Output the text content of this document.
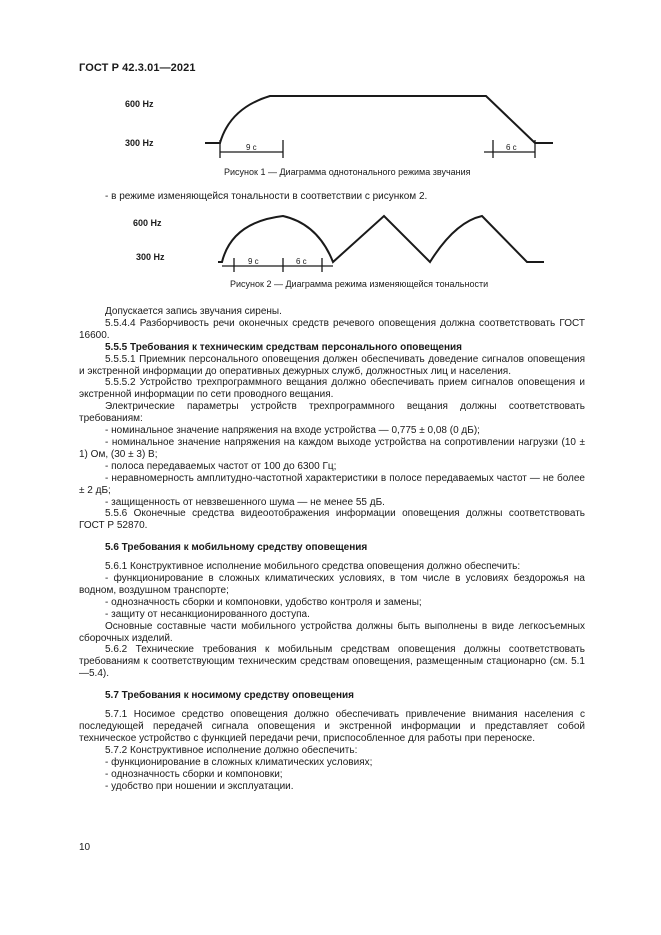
ГОСТ Р 42.3.01—2021
600 Hz
300 Hz	9 с	6 с
Рисунок 1 — Диаграмма однотонального режима звучания

- в режиме изменяющейся тональности в соответствии с рисунком 2.

600 Hz
300 Hz	9 с	6 с
Рисунок 2 — Диаграмма режима изменяющейся тональности

Допускается запись звучания сирены.

5.5.4.4 Разборчивость речи оконечных средств речевого оповещения должна соответствовать ГОСТ 16600.

5.5.5 Требования к техническим средствам персонального оповещения

5.5.5.1 Приемник персонального оповещения должен обеспечивать доведение сигналов оповещения и экстренной информации до оперативных дежурных служб, должностных лиц и населения.

5.5.5.2 Устройство трехпрограммного вещания должно обеспечивать прием сигналов оповещения и экстренной информации по сети проводного вещания.

Электрические параметры устройств трехпрограммного вещания должны соответствовать требованиям:

- номинальное значение напряжения на входе устройства — 0,775 ± 0,08 (0 дБ);

- номинальное значение напряжения на каждом выходе устройства на сопротивлении нагрузки (10 ± 1) Ом, (30 ± 3) В;

- полоса передаваемых частот от 100 до 6300 Гц;

- неравномерность амплитудно-частотной характеристики в полосе передаваемых частот — не более ± 2 дБ;

- защищенность от невзвешенного шума — не менее 55 дБ.

5.5.6 Оконечные средства видеоотображения информации оповещения должны соответствовать ГОСТ Р 52870.

5.6 Требования к мобильному средству оповещения

5.6.1 Конструктивное исполнение мобильного средства оповещения должно обеспечить:

- функционирование в сложных климатических условиях, в том числе в условиях бездорожья на водном, воздушном транспорте;

- однозначность сборки и компоновки, удобство контроля и замены;

- защиту от несанкционированного доступа.

Основные составные части мобильного устройства должны быть выполнены в виде легкосъемных сборочных изделий.

5.6.2 Технические требования к мобильным средствам оповещения должны соответствовать требованиям к соответствующим техническим средствам оповещения, размещенным стационарно (см. 5.1—5.4).

5.7 Требования к носимому средству оповещения

5.7.1 Носимое средство оповещения должно обеспечивать привлечение внимания населения с последующей передачей сигнала оповещения и экстренной информации и представляет собой техническое устройство с функцией передачи речи, приспособленное для работы при переноске.

5.7.2 Конструктивное исполнение должно обеспечить:

- функционирование в сложных климатических условиях;

- однозначность сборки и компоновки;

- удобство при ношении и эксплуатации.

10
